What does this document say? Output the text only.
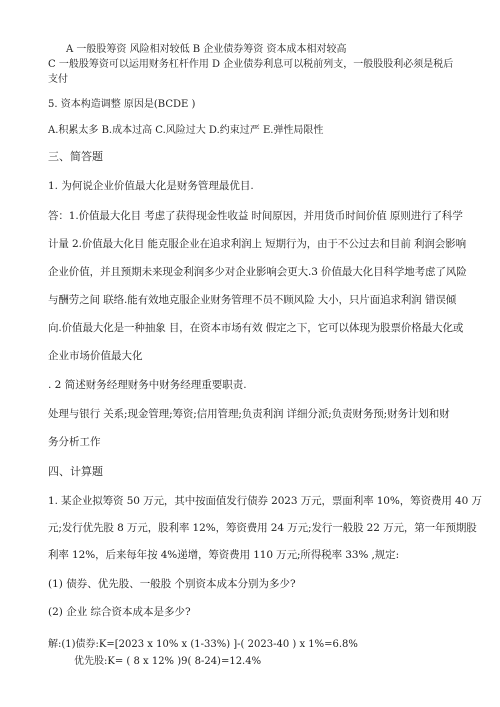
A 一般股筹资 风险相对较低 B 企业债券筹资 资本成本相对较高
C 一般股筹资可以运用财务杠杆作用 D 企业债券利息可以税前列支，一般股股利必须是税后
支付
5. 资本构造调整 原因是(BCDE )
A.积累太多 B.成本过高 C.风险过大 D.约束过严 E.弹性局限性
三、简答题
1. 为何说企业价值最大化是财务管理最优目.
答：1.价值最大化目 考虑了获得现金性收益 时间原因，并用货币时间价值 原则进行了科学
计量 2.价值最大化目 能克服企业在追求利润上 短期行为，由于不公过去和目前 利润会影响
企业价值，并且预期未来现金利润多少对企业影响会更大.3 价值最大化目科学地考虑了风险
与酬劳之间 联络.能有效地克服企业财务管理不员不顾风险 大小，只片面追求利润 错误倾
向.价值最大化是一种抽象 目，在资本市场有效 假定之下，它可以体现为股票价格最大化或
企业市场价值最大化
. 2 简述财务经理财务中财务经理重要职责.
处理与银行 关系;现金管理;筹资;信用管理;负责利润 详细分派;负责财务预;财务计划和财
务分析工作
四、计算题
1. 某企业拟筹资 50 万元，其中按面值发行债券 2023 万元，票面利率 10%，筹资费用 40 万
元;发行优先股 8 万元，股利率 12%，筹资费用 24 万元;发行一般股 22 万元，第一年预期股
利率 12%，后来每年按 4%递增，筹资费用 110 万元;所得税率 33% ,规定:
(1) 债券、优先股、一般股 个别资本成本分别为多少?
(2) 企业 综合资本成本是多少?
解:(1)债券:K=[2023 x 10% x (1-33%) ]-( 2023-40 ) x 1%=6.8%
优先股:K= ( 8 x 12% )9( 8-24)=12.4%
